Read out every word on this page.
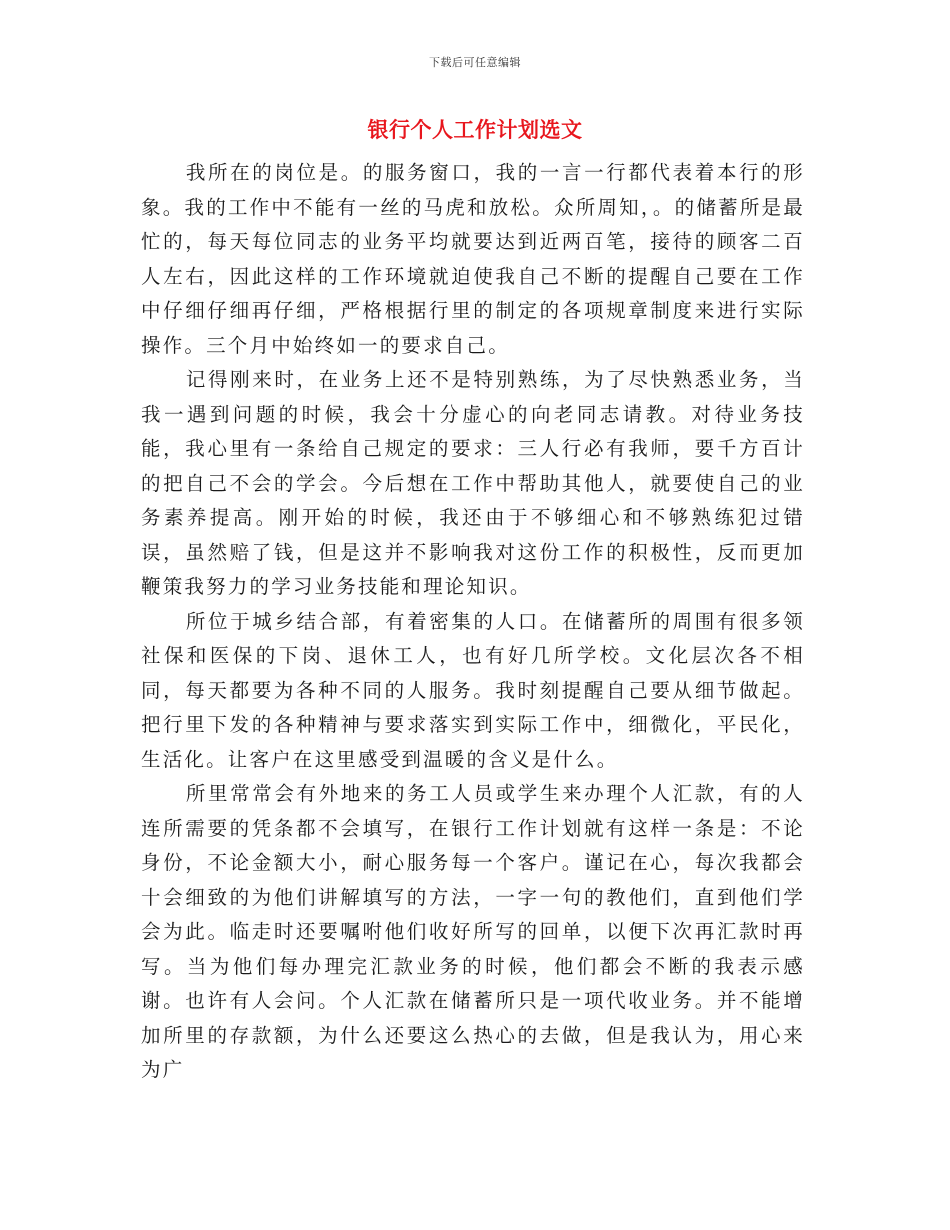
下载后可任意编辑
银行个人工作计划选文

我所在的岗位是。的服务窗口，我的一言一行都代表着本行的形象。我的工作中不能有一丝的马虎和放松。众所周知，。的储蓄所是最忙的，每天每位同志的业务平均就要达到近两百笔，接待的顾客二百人左右，因此这样的工作环境就迫使我自己不断的提醒自己要在工作中仔细仔细再仔细，严格根据行里的制定的各项规章制度来进行实际操作。三个月中始终如一的要求自己。

记得刚来时，在业务上还不是特别熟练，为了尽快熟悉业务，当我一遇到问题的时候，我会十分虚心的向老同志请教。对待业务技能，我心里有一条给自己规定的要求：三人行必有我师，要千方百计的把自己不会的学会。今后想在工作中帮助其他人，就要使自己的业务素养提高。刚开始的时候，我还由于不够细心和不够熟练犯过错误，虽然赔了钱，但是这并不影响我对这份工作的积极性，反而更加鞭策我努力的学习业务技能和理论知识。

所位于城乡结合部，有着密集的人口。在储蓄所的周围有很多领社保和医保的下岗、退休工人，也有好几所学校。文化层次各不相同，每天都要为各种不同的人服务。我时刻提醒自己要从细节做起。把行里下发的各种精神与要求落实到实际工作中，细微化，平民化，生活化。让客户在这里感受到温暖的含义是什么。

所里常常会有外地来的务工人员或学生来办理个人汇款，有的人连所需要的凭条都不会填写，在银行工作计划就有这样一条是：不论身份，不论金额大小，耐心服务每一个客户。谨记在心，每次我都会十会细致的为他们讲解填写的方法，一字一句的教他们，直到他们学会为此。临走时还要嘱咐他们收好所写的回单，以便下次再汇款时再写。当为他们每办理完汇款业务的时候，他们都会不断的我表示感谢。也许有人会问。个人汇款在储蓄所只是一项代收业务。并不能增加所里的存款额，为什么还要这么热心的去做，但是我认为，用心来为广
